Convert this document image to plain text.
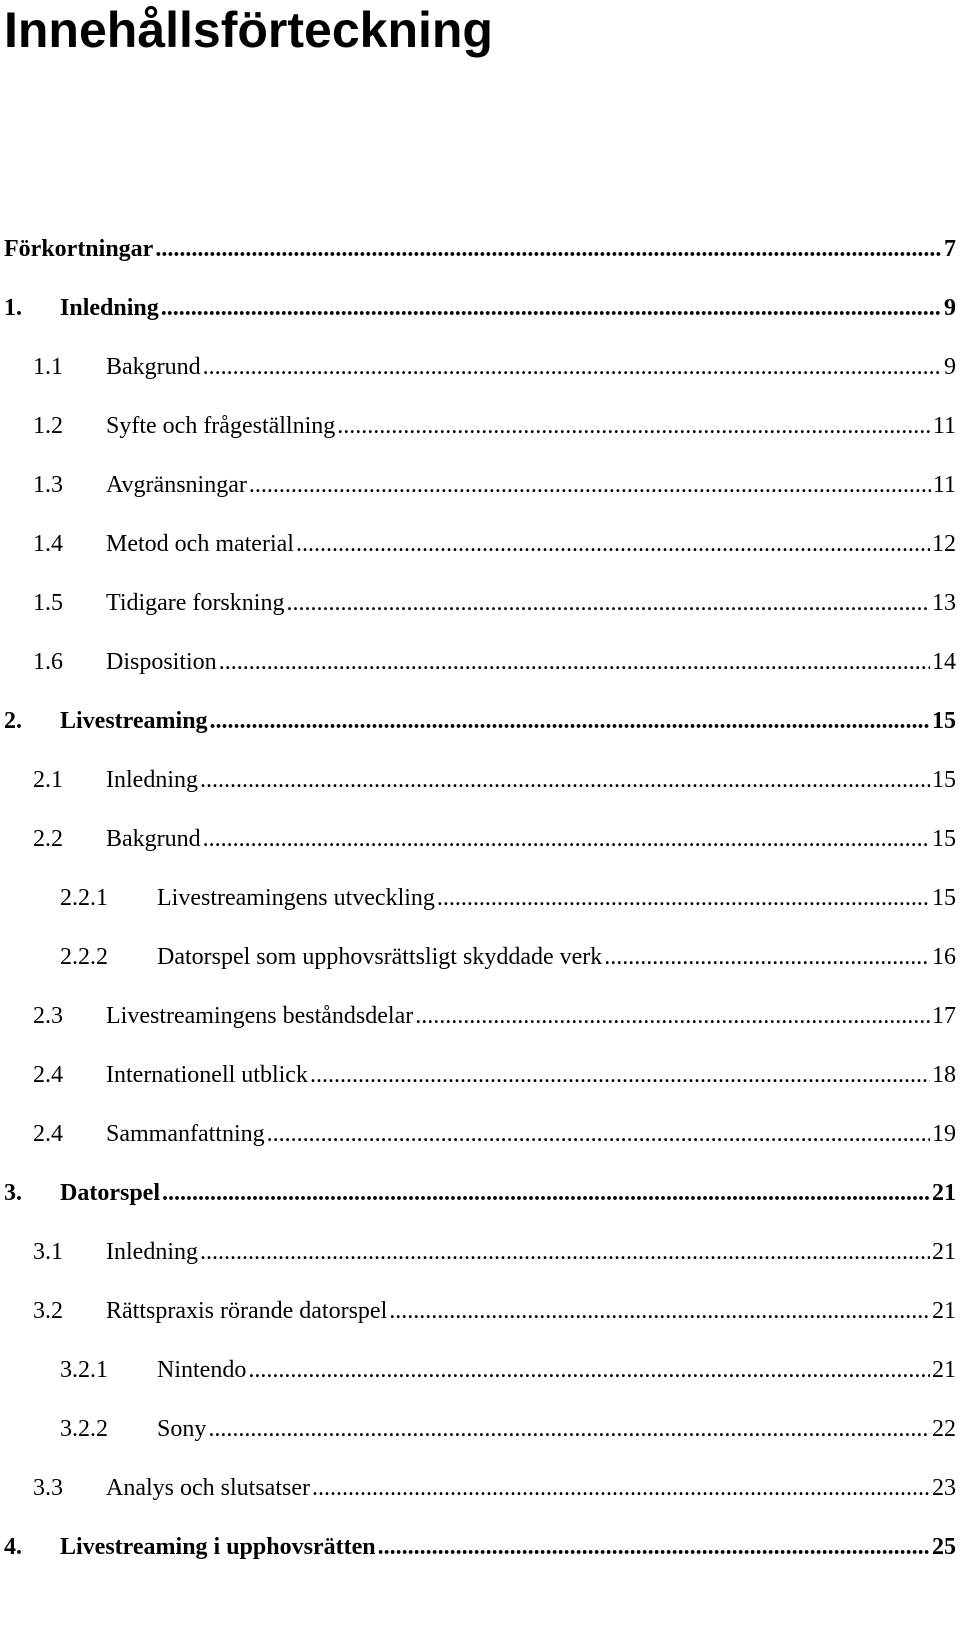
Innehållsförteckning
Förkortningar .....	7
1. Inledning .....	9
1.1 Bakgrund .....	9
1.2 Syfte och frågeställning .....	11
1.3 Avgränsningar .....	11
1.4 Metod och material .....	12
1.5 Tidigare forskning .....	13
1.6 Disposition .....	14
2. Livestreaming .....	15
2.1 Inledning .....	15
2.2 Bakgrund .....	15
2.2.1 Livestreamingens utveckling .....	15
2.2.2 Datorspel som upphovsrättsligt skyddade verk .....	16
2.3 Livestreamingens beståndsdelar .....	17
2.4 Internationell utblick .....	18
2.4 Sammanfattning .....	19
3. Datorspel .....	21
3.1 Inledning .....	21
3.2 Rättspraxis rörande datorspel .....	21
3.2.1 Nintendo .....	21
3.2.2 Sony .....	22
3.3 Analys och slutsatser .....	23
4. Livestreaming i upphovsrätten .....	25
